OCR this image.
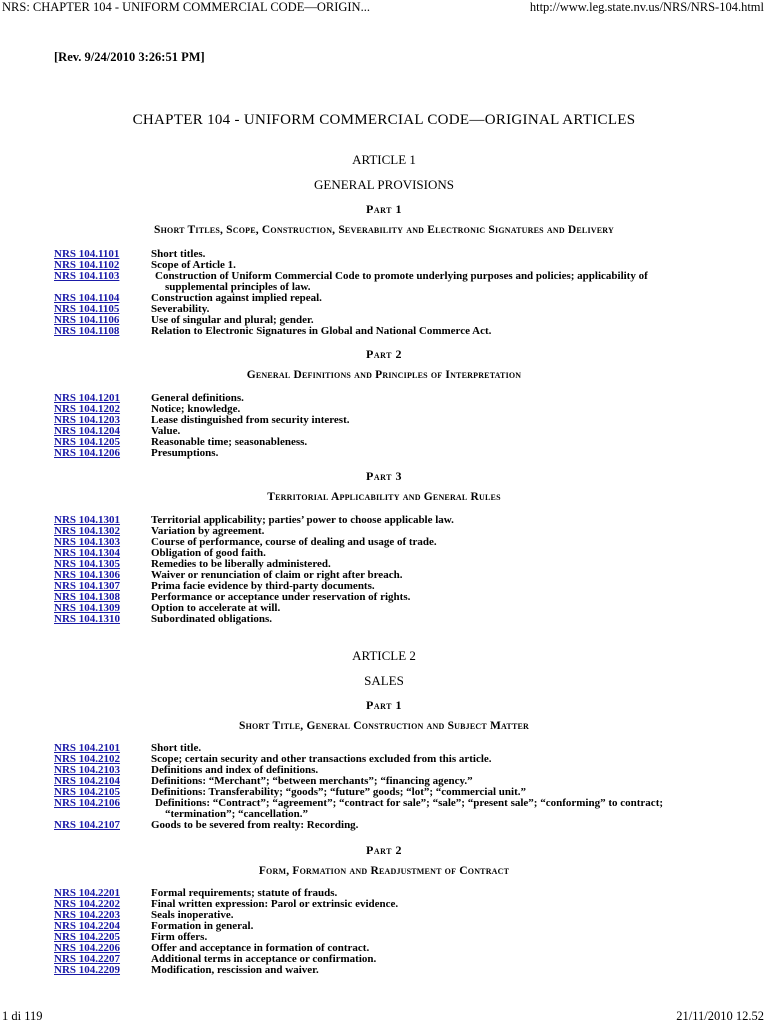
NRS: CHAPTER 104 - UNIFORM COMMERCIAL CODE—ORIGIN...	http://www.leg.state.nv.us/NRS/NRS-104.html
[Rev. 9/24/2010 3:26:51 PM]
CHAPTER 104 - UNIFORM COMMERCIAL CODE—ORIGINAL ARTICLES
ARTICLE 1
GENERAL PROVISIONS
Part 1
Short Titles, Scope, Construction, Severability and Electronic Signatures and Delivery
NRS 104.1101	Short titles.
NRS 104.1102	Scope of Article 1.
NRS 104.1103	Construction of Uniform Commercial Code to promote underlying purposes and policies; applicability of
supplemental principles of law.
NRS 104.1104	Construction against implied repeal.
NRS 104.1105	Severability.
NRS 104.1106	Use of singular and plural; gender.
NRS 104.1108	Relation to Electronic Signatures in Global and National Commerce Act.
Part 2
General Definitions and Principles of Interpretation
NRS 104.1201	General definitions.
NRS 104.1202	Notice; knowledge.
NRS 104.1203	Lease distinguished from security interest.
NRS 104.1204	Value.
NRS 104.1205	Reasonable time; seasonableness.
NRS 104.1206	Presumptions.
Part 3
Territorial Applicability and General Rules
NRS 104.1301	Territorial applicability; parties’ power to choose applicable law.
NRS 104.1302	Variation by agreement.
NRS 104.1303	Course of performance, course of dealing and usage of trade.
NRS 104.1304	Obligation of good faith.
NRS 104.1305	Remedies to be liberally administered.
NRS 104.1306	Waiver or renunciation of claim or right after breach.
NRS 104.1307	Prima facie evidence by third-party documents.
NRS 104.1308	Performance or acceptance under reservation of rights.
NRS 104.1309	Option to accelerate at will.
NRS 104.1310	Subordinated obligations.
ARTICLE 2
SALES
Part 1
Short Title, General Construction and Subject Matter
NRS 104.2101	Short title.
NRS 104.2102	Scope; certain security and other transactions excluded from this article.
NRS 104.2103	Definitions and index of definitions.
NRS 104.2104	Definitions: “Merchant”; “between merchants”; “financing agency.”
NRS 104.2105	Definitions: Transferability; “goods”; “future” goods; “lot”; “commercial unit.”
NRS 104.2106	Definitions: “Contract”; “agreement”; “contract for sale”; “sale”; “present sale”; “conforming” to contract;
“termination”; “cancellation.”
NRS 104.2107	Goods to be severed from realty: Recording.
Part 2
Form, Formation and Readjustment of Contract
NRS 104.2201	Formal requirements; statute of frauds.
NRS 104.2202	Final written expression: Parol or extrinsic evidence.
NRS 104.2203	Seals inoperative.
NRS 104.2204	Formation in general.
NRS 104.2205	Firm offers.
NRS 104.2206	Offer and acceptance in formation of contract.
NRS 104.2207	Additional terms in acceptance or confirmation.
NRS 104.2209	Modification, rescission and waiver.
1 di 119	21/11/2010 12.52
